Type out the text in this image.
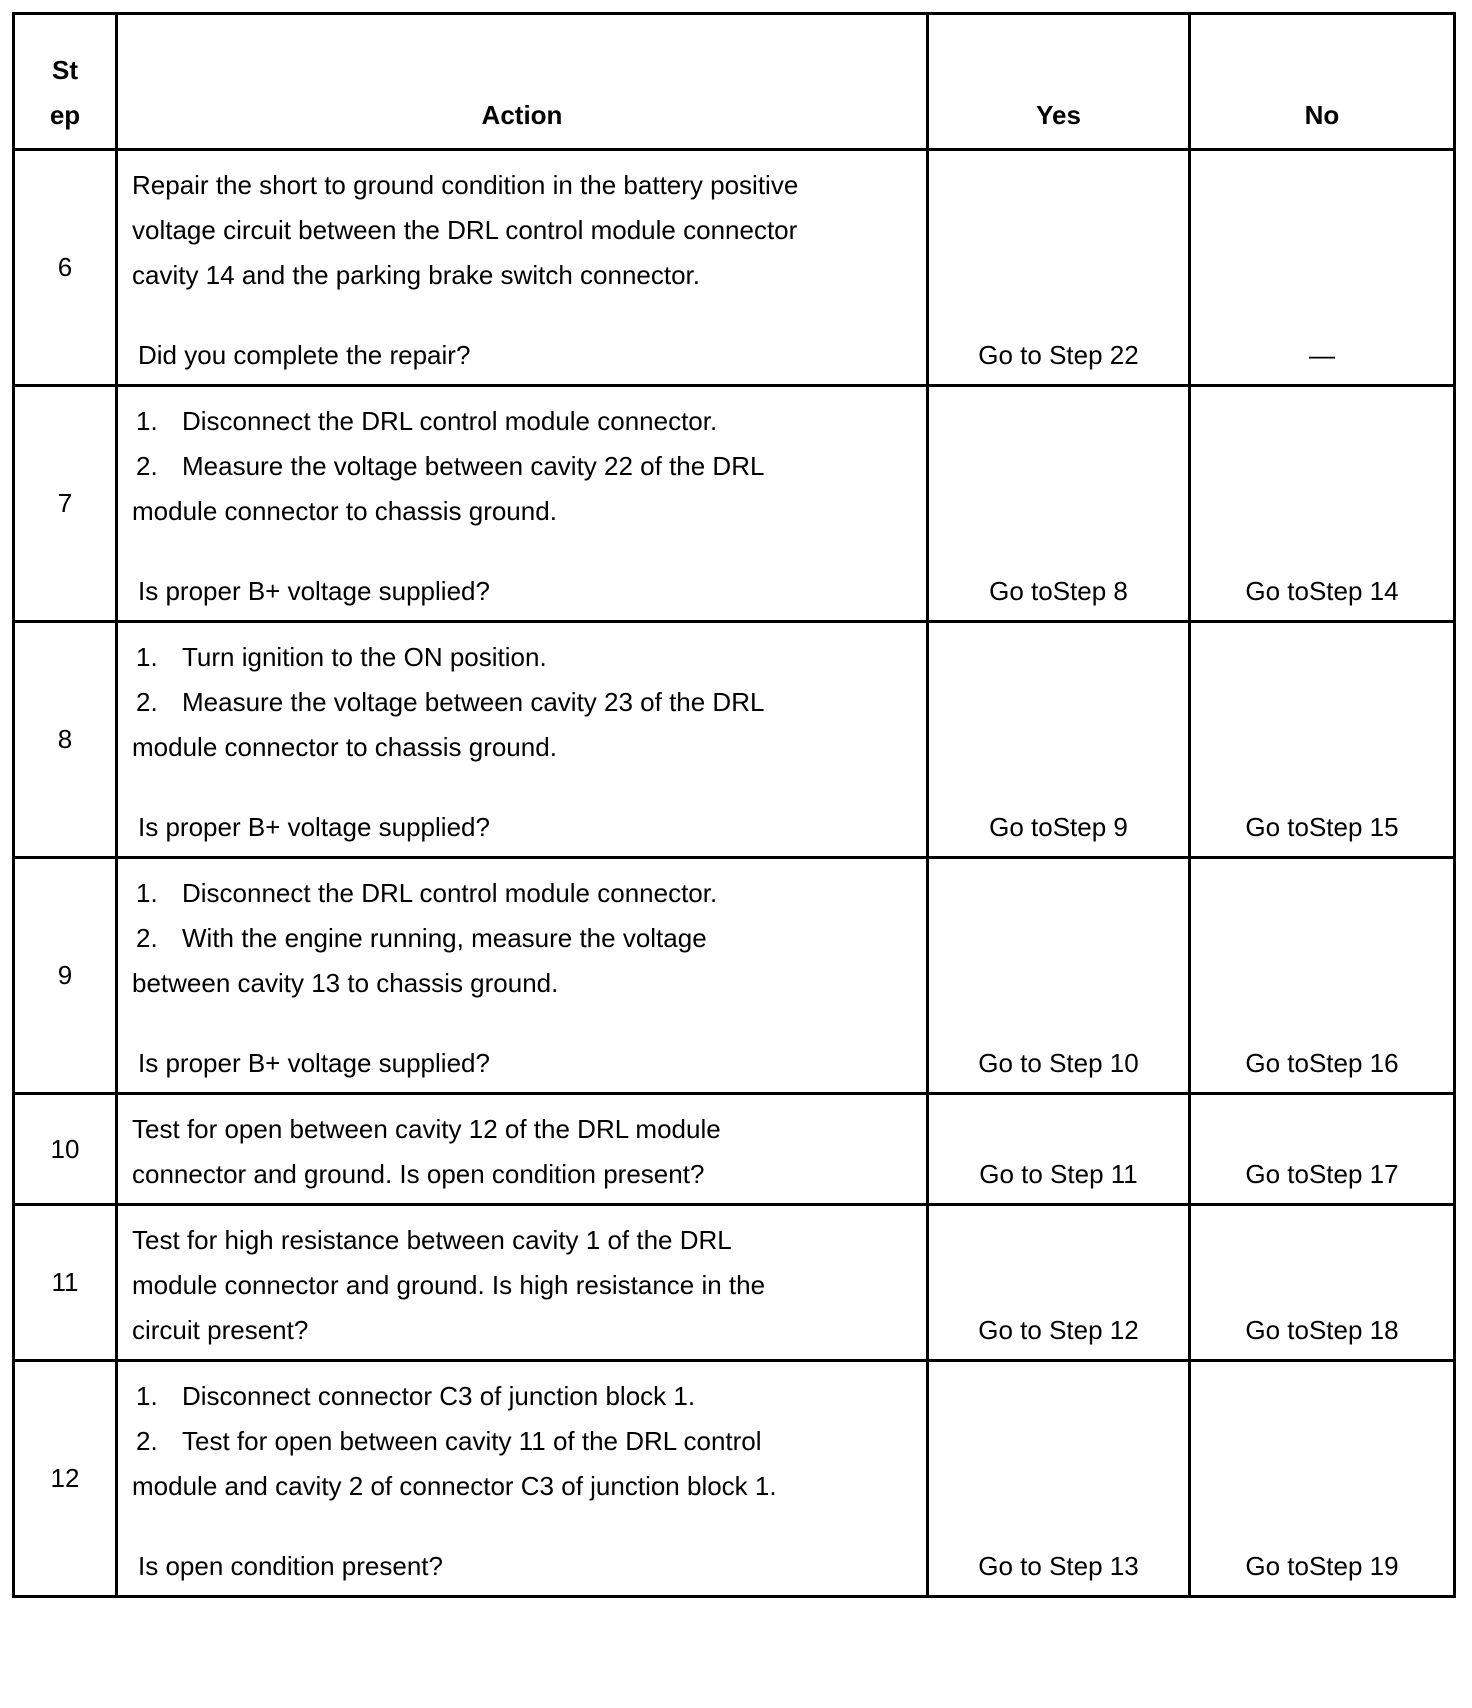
St
ep	Action	Yes	No
6	Repair the short to ground condition in the battery positive
voltage circuit between the DRL control module connector
cavity 14 and the parking brake switch connector.
Did you complete the repair?	Go to Step 22	—
7	1. Disconnect the DRL control module connector.
2. Measure the voltage between cavity 22 of the DRL
module connector to chassis ground.
Is proper B+ voltage supplied?	Go toStep 8	Go toStep 14
8	1. Turn ignition to the ON position.
2. Measure the voltage between cavity 23 of the DRL
module connector to chassis ground.
Is proper B+ voltage supplied?	Go toStep 9	Go toStep 15
9	1. Disconnect the DRL control module connector.
2. With the engine running, measure the voltage
between cavity 13 to chassis ground.
Is proper B+ voltage supplied?	Go to Step 10	Go toStep 16
10	Test for open between cavity 12 of the DRL module
connector and ground. Is open condition present?	Go to Step 11	Go toStep 17
11	Test for high resistance between cavity 1 of the DRL
module connector and ground. Is high resistance in the
circuit present?	Go to Step 12	Go toStep 18
12	1. Disconnect connector C3 of junction block 1.
2. Test for open between cavity 11 of the DRL control
module and cavity 2 of connector C3 of junction block 1.
Is open condition present?	Go to Step 13	Go toStep 19
